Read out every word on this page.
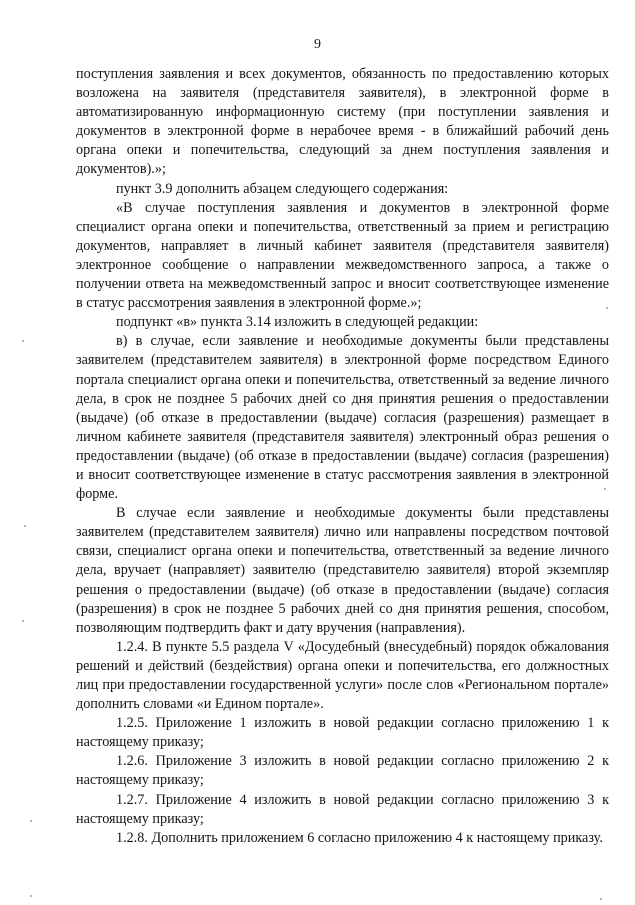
9

поступления заявления и всех документов, обязанность по предоставлению которых возложена на заявителя (представителя заявителя), в электронной форме в автоматизированную информационную систему (при поступлении заявления и документов в электронной форме в нерабочее время - в ближайший рабочий день органа опеки и попечительства, следующий за днем поступления заявления и документов).»;

пункт 3.9 дополнить абзацем следующего содержания:

«В случае поступления заявления и документов в электронной форме специалист органа опеки и попечительства, ответственный за прием и регистрацию документов, направляет в личный кабинет заявителя (представителя заявителя) электронное сообщение о направлении межведомственного запроса, а также о получении ответа на межведомственный запрос и вносит соответствующее изменение в статус рассмотрения заявления в электронной форме.»;

подпункт «в» пункта 3.14 изложить в следующей редакции:

в) в случае, если заявление и необходимые документы были представлены заявителем (представителем заявителя) в электронной форме посредством Единого портала специалист органа опеки и попечительства, ответственный за ведение личного дела, в срок не позднее 5 рабочих дней со дня принятия решения о предоставлении (выдаче) (об отказе в предоставлении (выдаче) согласия (разрешения) размещает в личном кабинете заявителя (представителя заявителя) электронный образ решения о предоставлении (выдаче) (об отказе в предоставлении (выдаче) согласия (разрешения) и вносит соответствующее изменение в статус рассмотрения заявления в электронной форме.

В случае если заявление и необходимые документы были представлены заявителем (представителем заявителя) лично или направлены посредством почтовой связи, специалист органа опеки и попечительства, ответственный за ведение личного дела, вручает (направляет) заявителю (представителю заявителя) второй экземпляр решения о предоставлении (выдаче) (об отказе в предоставлении (выдаче) согласия (разрешения) в срок не позднее 5 рабочих дней со дня принятия решения, способом, позволяющим подтвердить факт и дату вручения (направления).

1.2.4. В пункте 5.5 раздела V «Досудебный (внесудебный) порядок обжалования решений и действий (бездействия) органа опеки и попечительства, его должностных лиц при предоставлении государственной услуги» после слов «Региональном портале» дополнить словами «и Едином портале».

1.2.5. Приложение 1 изложить в новой редакции согласно приложению 1 к настоящему приказу;

1.2.6. Приложение 3 изложить в новой редакции согласно приложению 2 к настоящему приказу;

1.2.7. Приложение 4 изложить в новой редакции согласно приложению 3 к настоящему приказу;

1.2.8. Дополнить приложением 6 согласно приложению 4 к настоящему приказу.
